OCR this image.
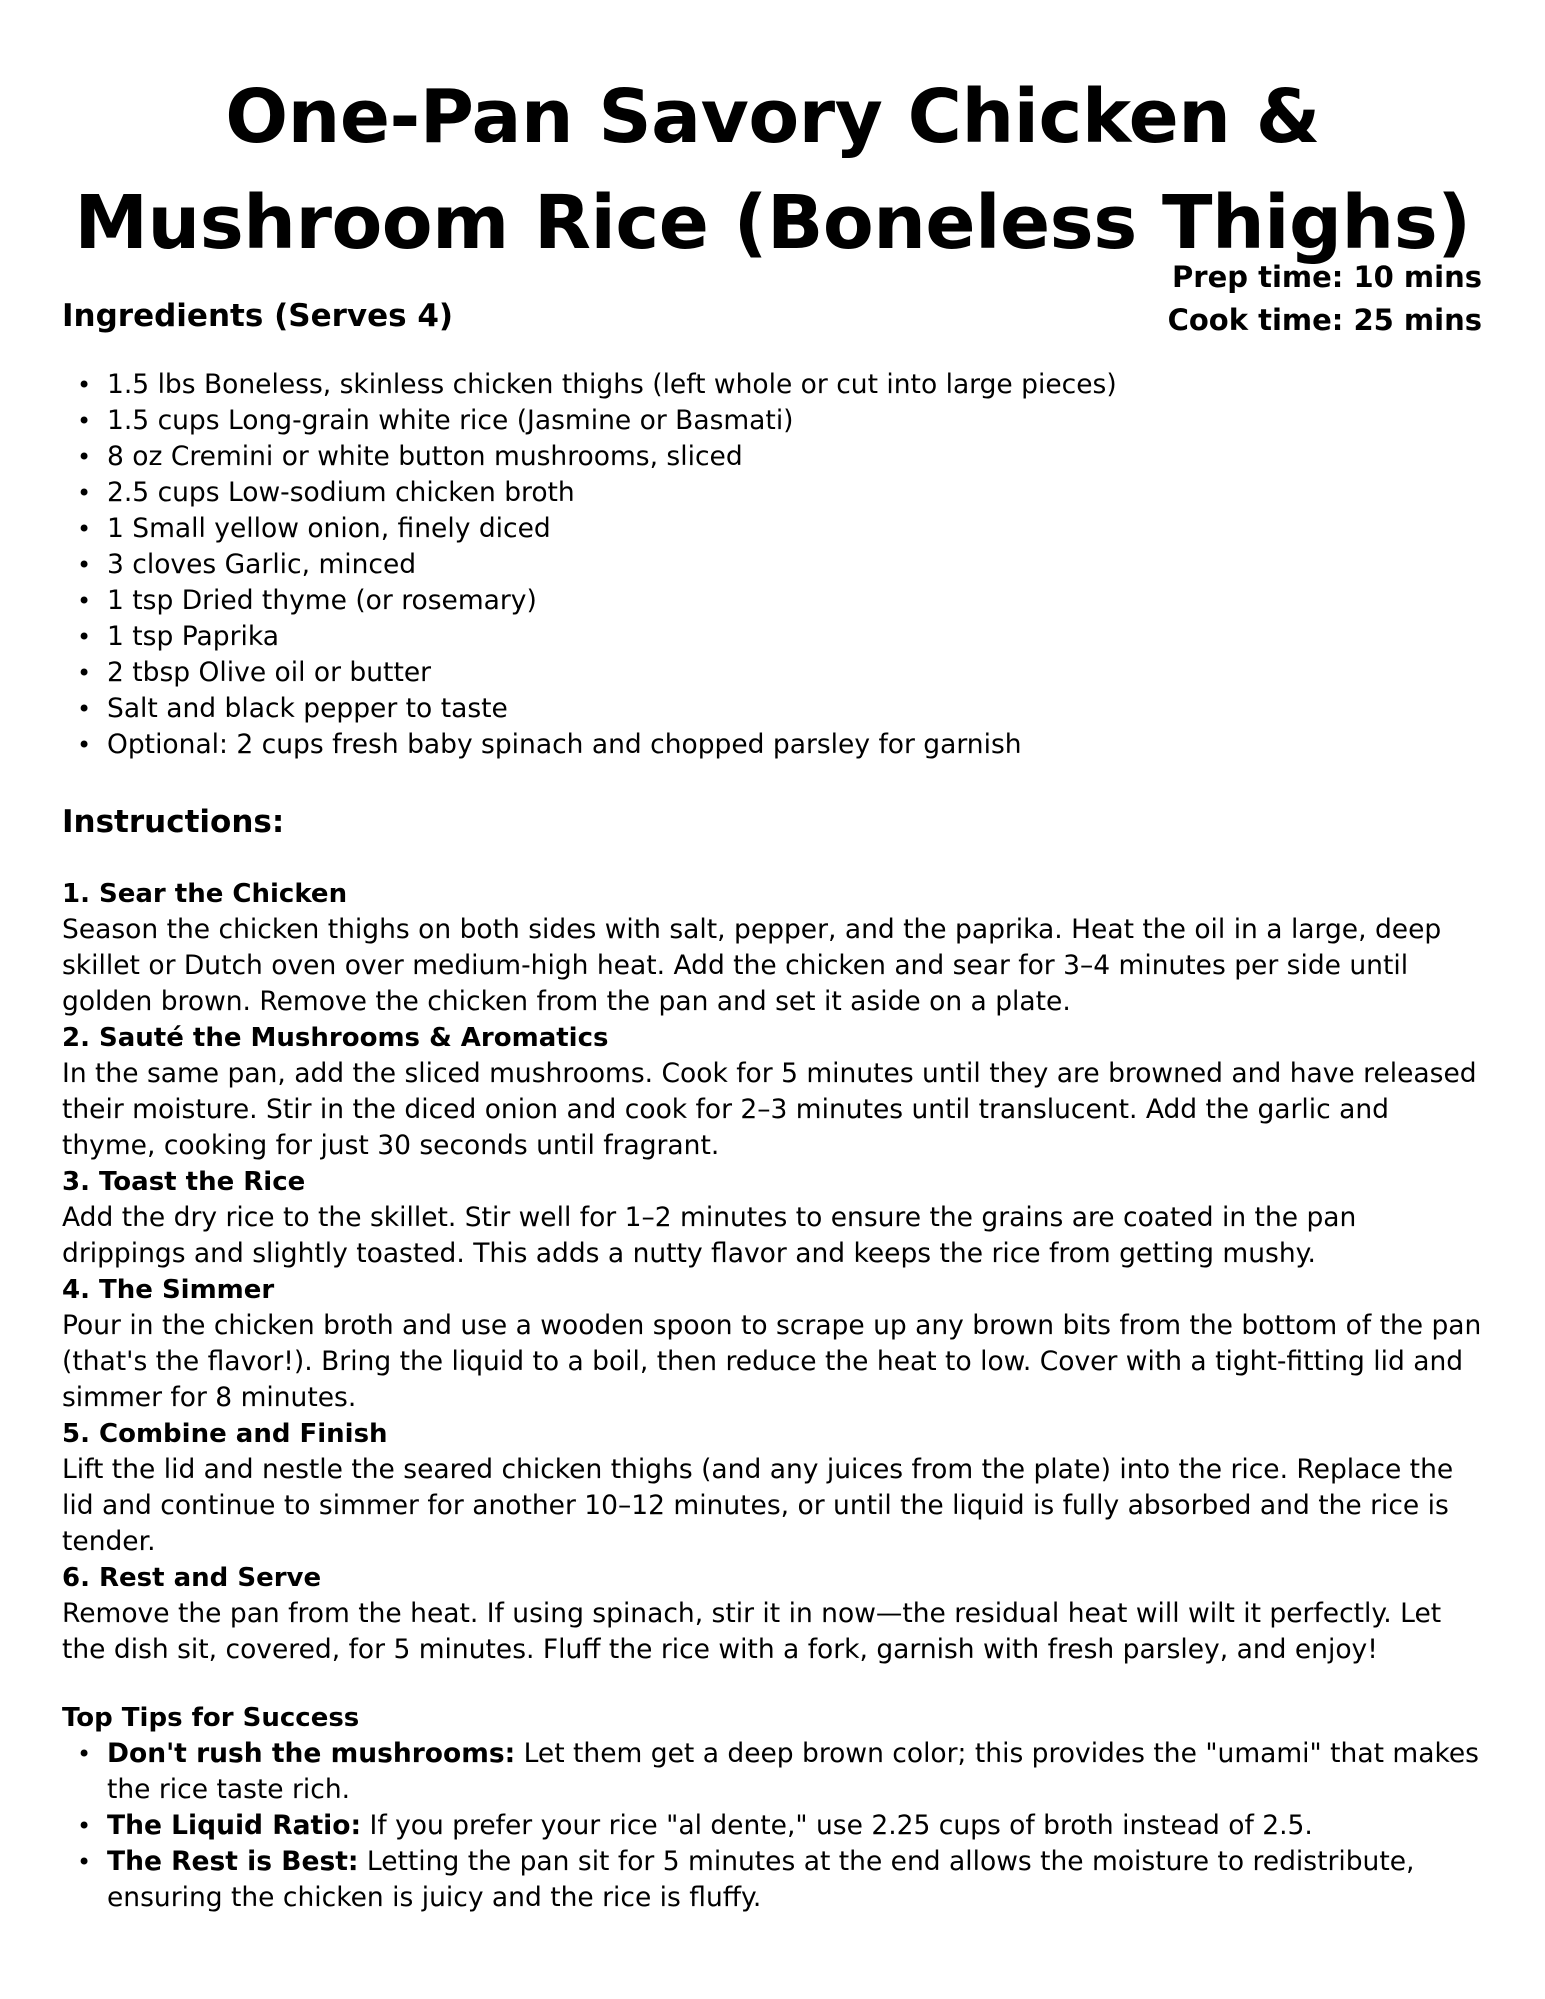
One-Pan Savory Chicken & Mushroom Rice (Boneless Thighs)
Prep time: 10 mins
Cook time: 25 mins
Ingredients (Serves 4)
• 1.5 lbs Boneless, skinless chicken thighs (left whole or cut into large pieces)
• 1.5 cups Long-grain white rice (Jasmine or Basmati)
• 8 oz Cremini or white button mushrooms, sliced
• 2.5 cups Low-sodium chicken broth
• 1 Small yellow onion, finely diced
• 3 cloves Garlic, minced
• 1 tsp Dried thyme (or rosemary)
• 1 tsp Paprika
• 2 tbsp Olive oil or butter
• Salt and black pepper to taste
• Optional: 2 cups fresh baby spinach and chopped parsley for garnish
Instructions:
1. Sear the Chicken

Season the chicken thighs on both sides with salt, pepper, and the paprika. Heat the oil in a large, deep skillet or Dutch oven over medium-high heat. Add the chicken and sear for 3–4 minutes per side until golden brown. Remove the chicken from the pan and set it aside on a plate.

2. Sauté the Mushrooms & Aromatics

In the same pan, add the sliced mushrooms. Cook for 5 minutes until they are browned and have released their moisture. Stir in the diced onion and cook for 2–3 minutes until translucent. Add the garlic and thyme, cooking for just 30 seconds until fragrant.

3. Toast the Rice

Add the dry rice to the skillet. Stir well for 1–2 minutes to ensure the grains are coated in the pan drippings and slightly toasted. This adds a nutty flavor and keeps the rice from getting mushy.

4. The Simmer

Pour in the chicken broth and use a wooden spoon to scrape up any brown bits from the bottom of the pan (that's the flavor!). Bring the liquid to a boil, then reduce the heat to low. Cover with a tight-fitting lid and simmer for 8 minutes.

5. Combine and Finish

Lift the lid and nestle the seared chicken thighs (and any juices from the plate) into the rice. Replace the lid and continue to simmer for another 10–12 minutes, or until the liquid is fully absorbed and the rice is tender.

6. Rest and Serve

Remove the pan from the heat. If using spinach, stir it in now—the residual heat will wilt it perfectly. Let the dish sit, covered, for 5 minutes. Fluff the rice with a fork, garnish with fresh parsley, and enjoy!

Top Tips for Success
• Don't rush the mushrooms: Let them get a deep brown color; this provides the "umami" that makes the rice taste rich.
• The Liquid Ratio: If you prefer your rice "al dente," use 2.25 cups of broth instead of 2.5.
• The Rest is Best: Letting the pan sit for 5 minutes at the end allows the moisture to redistribute, ensuring the chicken is juicy and the rice is fluffy.
